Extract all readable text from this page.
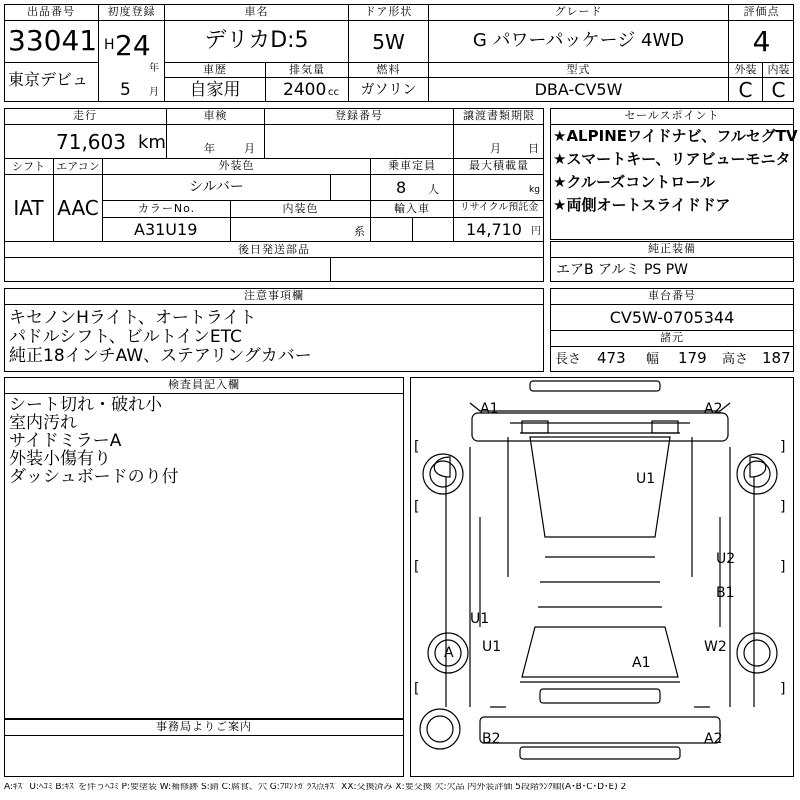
出品番号
33041
東京デビュ
初度登録
H 24
年
5 月
車名
デリカD:5
ドア形状
5W
グレード
G パワーパッケージ 4WD
評価点
4
車歴
自家用
排気量
2400 cc
燃料
ガソリン
型式
DBA-CV5W
外装	内装
C C
走行
71,603 km
車検
年	月
登録番号	譲渡書類期限
月 日
シフト
IAT
エアコン
AAC
外装色
シルバー
乗車定員
8 人
最大積載量
kg
カラーNo.
A31U19
内装色
系
輸入車	リサイクル預託金
14,710 円
後日発送部品
セールスポイント
★ALPINEワイドナビ、フルセグTV
★スマートキー、リアビューモニタ
★クルーズコントロール
★両側オートスライドドア
純正装備
エアB アルミ PS PW
注意事項欄
キセノンHライト、オートライト
パドルシフト、ビルトインETC
純正18インチAW、ステアリングカバー
車台番号
CV5W-0705344
諸元
長さ 473 幅 179 高さ 187
検査員記入欄
シート切れ・破れ小
室内汚れ
サイドミラーA
外装小傷有り
ダッシュボードのり付
事務局よりご案内
A1	A2
U1
U2
B1
U1
U1
A	W2
A1
B2	A2
[	]
[	]
[	]
[	]
A:ｷｽﾞ U:ﾍｺﾐ B:ｷｽﾞを伴うﾍｺﾐ P:要塗装 W:補修跡 S:錆 C:腐食、穴 G:ﾌﾛﾝﾄｶﾞﾗｽ点ｷｽﾞ XX:交換済み X:要交換 欠:欠品 内外装評価 5段階ﾗﾝｸ順(A･B･C･D･E) 2
